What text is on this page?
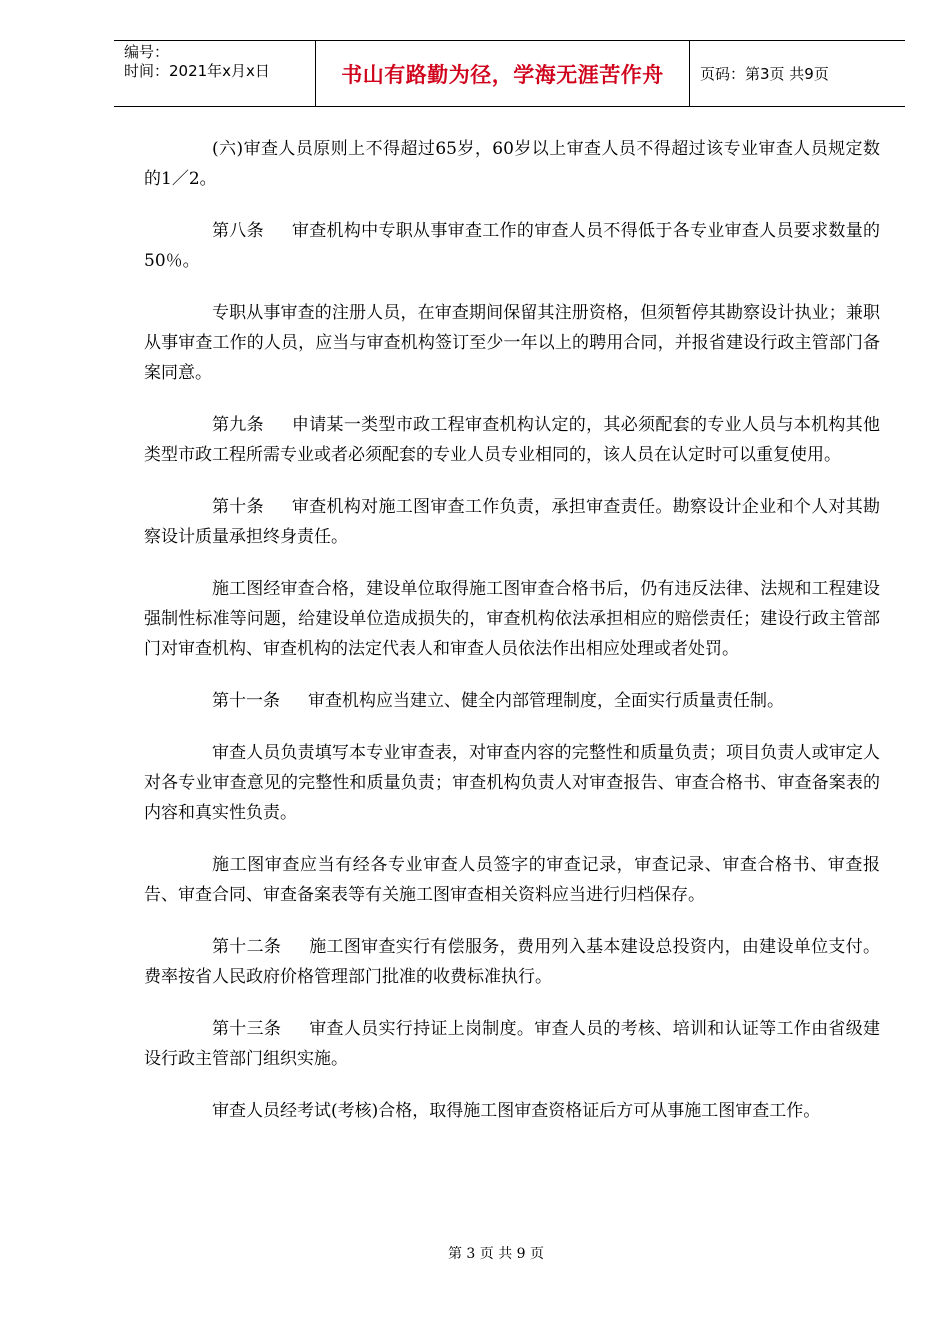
编号：
时间：2021年x月x日	书山有路勤为径，学海无涯苦作舟 页码：第3页 共9页

(六)审查人员原则上不得超过65岁，60岁以上审查人员不得超过该专业审查人员规定数的1／2。

第八条 审查机构中专职从事审查工作的审查人员不得低于各专业审查人员要求数量的50％。

专职从事审查的注册人员，在审查期间保留其注册资格，但须暂停其勘察设计执业；兼职从事审查工作的人员，应当与审查机构签订至少一年以上的聘用合同，并报省建设行政主管部门备案同意。

第九条 申请某一类型市政工程审查机构认定的，其必须配套的专业人员与本机构其他类型市政工程所需专业或者必须配套的专业人员专业相同的，该人员在认定时可以重复使用。

第十条 审查机构对施工图审查工作负责，承担审查责任。勘察设计企业和个人对其勘察设计质量承担终身责任。

施工图经审查合格，建设单位取得施工图审查合格书后，仍有违反法律、法规和工程建设强制性标准等问题，给建设单位造成损失的，审查机构依法承担相应的赔偿责任；建设行政主管部门对审查机构、审查机构的法定代表人和审查人员依法作出相应处理或者处罚。

第十一条 审查机构应当建立、健全内部管理制度，全面实行质量责任制。

审查人员负责填写本专业审查表，对审查内容的完整性和质量负责；项目负责人或审定人对各专业审查意见的完整性和质量负责；审查机构负责人对审查报告、审查合格书、审查备案表的内容和真实性负责。

施工图审查应当有经各专业审查人员签字的审查记录，审查记录、审查合格书、审查报告、审查合同、审查备案表等有关施工图审查相关资料应当进行归档保存。

第十二条 施工图审查实行有偿服务，费用列入基本建设总投资内，由建设单位支付。费率按省人民政府价格管理部门批准的收费标准执行。

第十三条 审查人员实行持证上岗制度。审查人员的考核、培训和认证等工作由省级建设行政主管部门组织实施。

审查人员经考试(考核)合格，取得施工图审查资格证后方可从事施工图审查工作。

第 3 页 共 9 页
